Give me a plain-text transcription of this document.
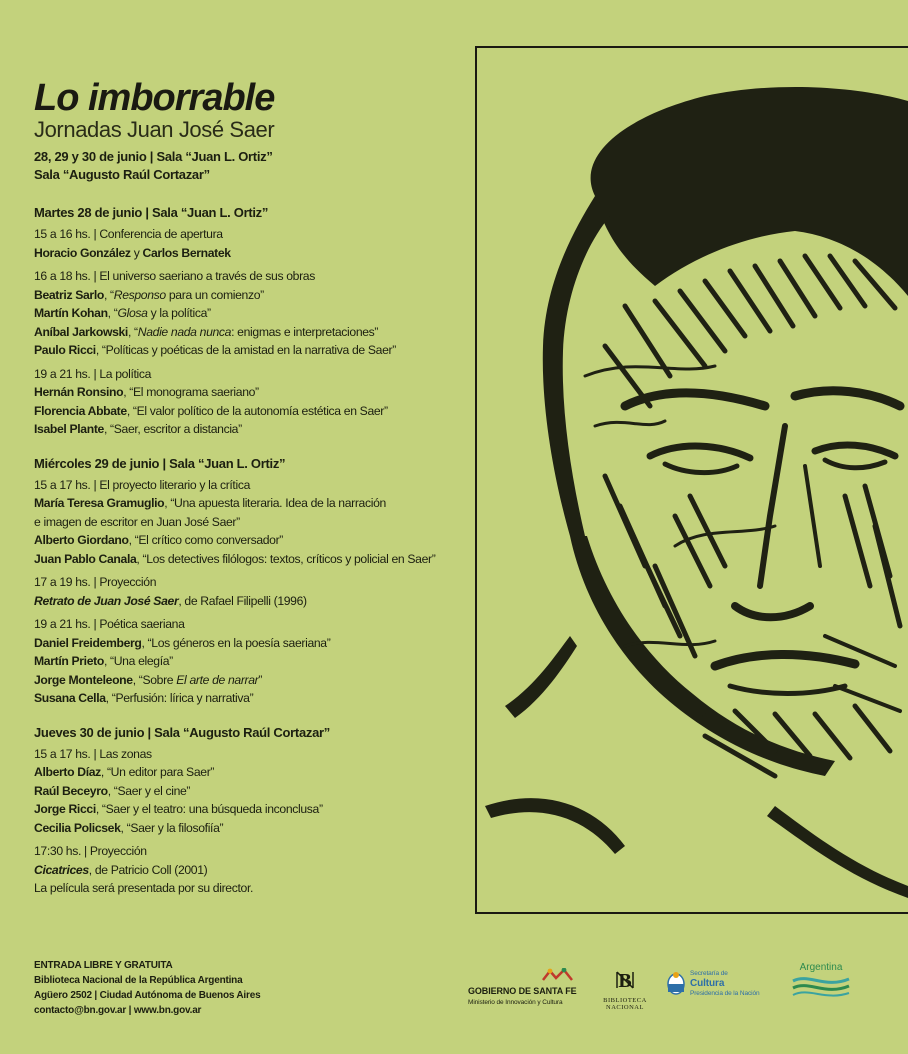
Lo imborrable
Jornadas Juan José Saer
28, 29 y 30 de junio | Sala “Juan L. Ortiz”
Sala “Augusto Raúl Cortazar”
Martes 28 de junio | Sala “Juan L. Ortiz”
15 a 16 hs. | Conferencia de apertura
Horacio González y Carlos Bernatek
16 a 18 hs. | El universo saeriano a través de sus obras
Beatriz Sarlo, “Responso para un comienzo”
Martín Kohan, “Glosa y la política”
Aníbal Jarkowski, “Nadie nada nunca: enigmas e interpretaciones”
Paulo Ricci, “Políticas y poéticas de la amistad en la narrativa de Saer”
19 a 21 hs. | La política
Hernán Ronsino, “El monograma saeriano”
Florencia Abbate, “El valor político de la autonomía estética en Saer”
Isabel Plante, “Saer, escritor a distancia”
Miércoles 29 de junio | Sala “Juan L. Ortiz”
15 a 17 hs. | El proyecto literario y la crítica
María Teresa Gramuglio, “Una apuesta literaria. Idea de la narración
e imagen de escritor en Juan José Saer”
Alberto Giordano, “El crítico como conversador”
Juan Pablo Canala, “Los detectives filólogos: textos, críticos y policial en Saer”
17 a 19 hs. | Proyección
Retrato de Juan José Saer, de Rafael Filipelli (1996)
19 a 21 hs. | Poética saeriana
Daniel Freidemberg, “Los géneros en la poesía saeriana”
Martín Prieto, “Una elegía”
Jorge Monteleone, “Sobre El arte de narrar”
Susana Cella, “Perfusión: lírica y narrativa”
Jueves 30 de junio | Sala “Augusto Raúl Cortazar”
15 a 17 hs. | Las zonas
Alberto Díaz, “Un editor para Saer”
Raúl Beceyro, “Saer y el cine”
Jorge Ricci, “Saer y el teatro: una búsqueda inconclusa”
Cecilia Policsek, “Saer y la filosofiía”
17:30 hs. | Proyección
Cicatrices, de Patricio Coll (2001)
La película será presentada por su director.
ENTRADA LIBRE Y GRATUITA
Biblioteca Nacional de la República Argentina
Agüero 2502 | Ciudad Autónoma de Buenos Aires
contacto@bn.gov.ar | www.bn.gov.ar
GOBIERNO DE SANTA FE
Ministerio de Innovación y Cultura
B
BIBLIOTECA
NACIONAL
Secretaría de
Cultura
Presidencia de la Nación
Argentina
